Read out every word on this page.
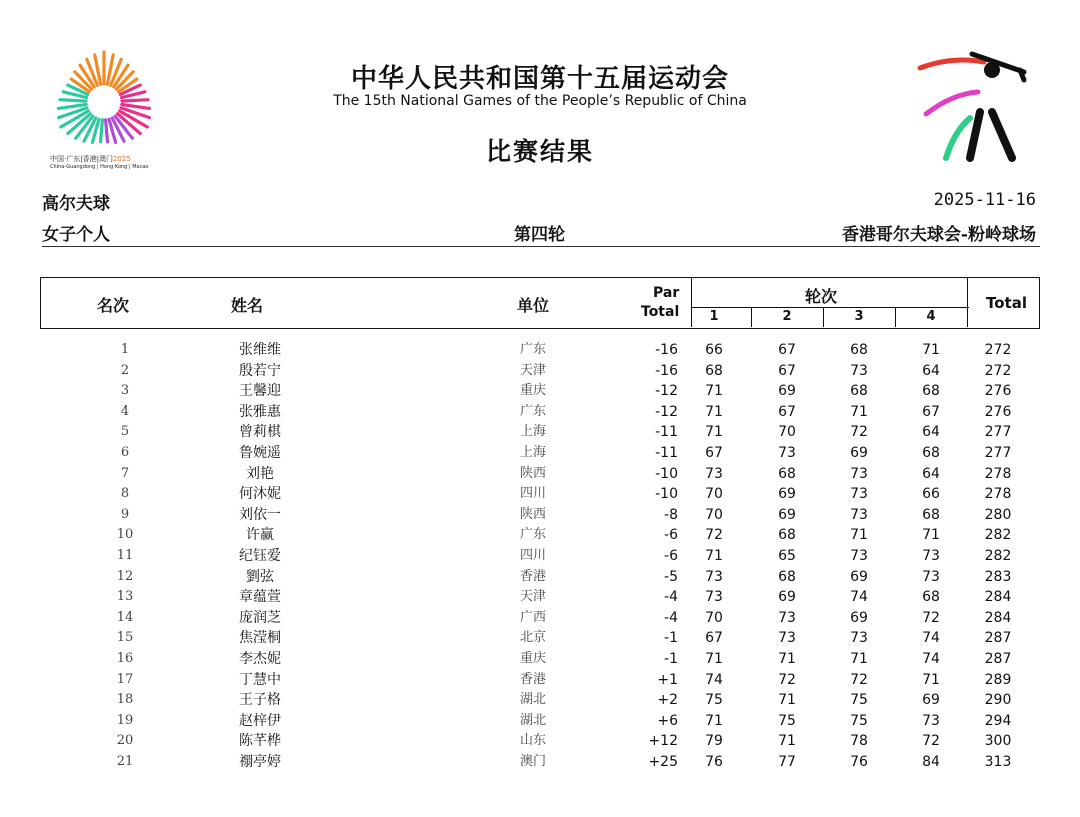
中国·广东|香港|澳门2025
China-Guangdong | Hong Kong | Macao
中华人民共和国第十五届运动会
The 15th National Games of the People’s Republic of China
比赛结果
高尔夫球	2025-11-16
女子个人	第四轮	香港哥尔夫球会-粉岭球场
名次	姓名	单位
Par
Total
轮次
1	2	3	4
Total
1	张维维	广东	-16	66	67	68	71	272
2	殷若宁	天津	-16	68	67	73	64	272
3	王馨迎	重庆	-12	71	69	68	68	276
4	张雅惠	广东	-12	71	67	71	67	276
5	曾莉棋	上海	-11	71	70	72	64	277
6	鲁婉遥	上海	-11	67	73	69	68	277
7	刘艳	陕西	-10	73	68	73	64	278
8	何沐妮	四川	-10	70	69	73	66	278
9	刘依一	陕西	-8	70	69	73	68	280
10	许赢	广东	-6	72	68	71	71	282
11	纪钰爱	四川	-6	71	65	73	73	282
12	劉弦	香港	-5	73	68	69	73	283
13	章蕴萱	天津	-4	73	69	74	68	284
14	庞润芝	广西	-4	70	73	69	72	284
15	焦滢桐	北京	-1	67	73	73	74	287
16	李杰妮	重庆	-1	71	71	71	74	287
17	丁慧中	香港	+1	74	72	72	71	289
18	王子格	湖北	+2	75	71	75	69	290
19	赵梓伊	湖北	+6	71	75	75	73	294
20	陈芊桦	山东	+12	79	71	78	72	300
21	禤亭婷	澳门	+25	76	77	76	84	313
